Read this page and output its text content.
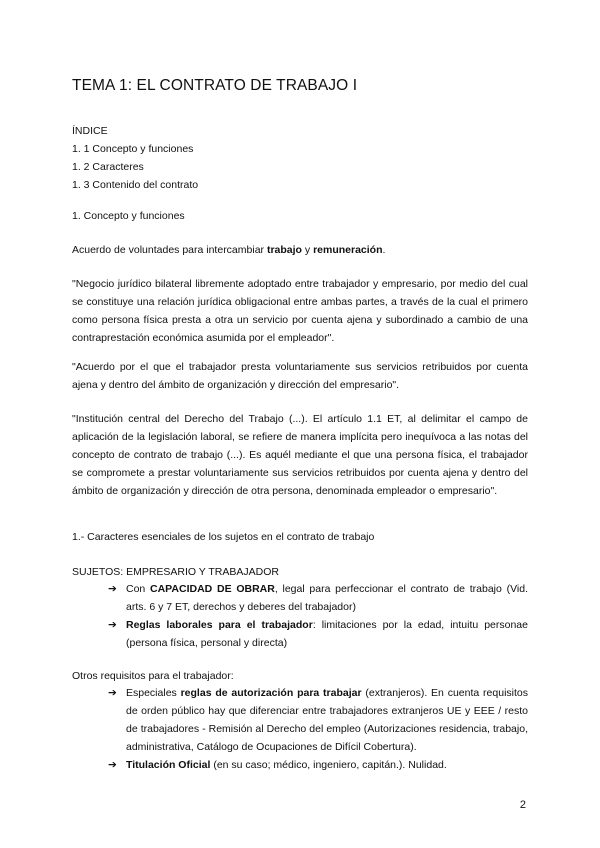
TEMA 1: EL CONTRATO DE TRABAJO I
ÍNDICE
1. 1 Concepto y funciones
1. 2 Caracteres
1. 3 Contenido del contrato
1. Concepto y funciones
Acuerdo de voluntades para intercambiar trabajo y remuneración.
"Negocio jurídico bilateral libremente adoptado entre trabajador y empresario, por medio del cual se constituye una relación jurídica obligacional entre ambas partes, a través de la cual el primero como persona física presta a otra un servicio por cuenta ajena y subordinado a cambio de una contraprestación económica asumida por el empleador".
"Acuerdo por el que el trabajador presta voluntariamente sus servicios retribuidos por cuenta ajena y dentro del ámbito de organización y dirección del empresario".
"Institución central del Derecho del Trabajo (...). El artículo 1.1 ET, al delimitar el campo de aplicación de la legislación laboral, se refiere de manera implícita pero inequívoca a las notas del concepto de contrato de trabajo (...). Es aquél mediante el que una persona física, el trabajador se compromete a prestar voluntariamente sus servicios retribuidos por cuenta ajena y dentro del ámbito de organización y dirección de otra persona, denominada empleador o empresario".
1.- Caracteres esenciales de los sujetos en el contrato de trabajo
SUJETOS: EMPRESARIO Y TRABAJADOR
➔ Con CAPACIDAD DE OBRAR, legal para perfeccionar el contrato de trabajo (Vid. arts. 6 y 7 ET, derechos y deberes del trabajador)
➔ Reglas laborales para el trabajador: limitaciones por la edad, intuitu personae (persona física, personal y directa)
Otros requisitos para el trabajador:
➔ Especiales reglas de autorización para trabajar (extranjeros). En cuenta requisitos de orden público hay que diferenciar entre trabajadores extranjeros UE y EEE / resto de trabajadores - Remisión al Derecho del empleo (Autorizaciones residencia, trabajo, administrativa, Catálogo de Ocupaciones de Difícil Cobertura).
➔ Titulación Oficial (en su caso; médico, ingeniero, capitán.). Nulidad.
2
